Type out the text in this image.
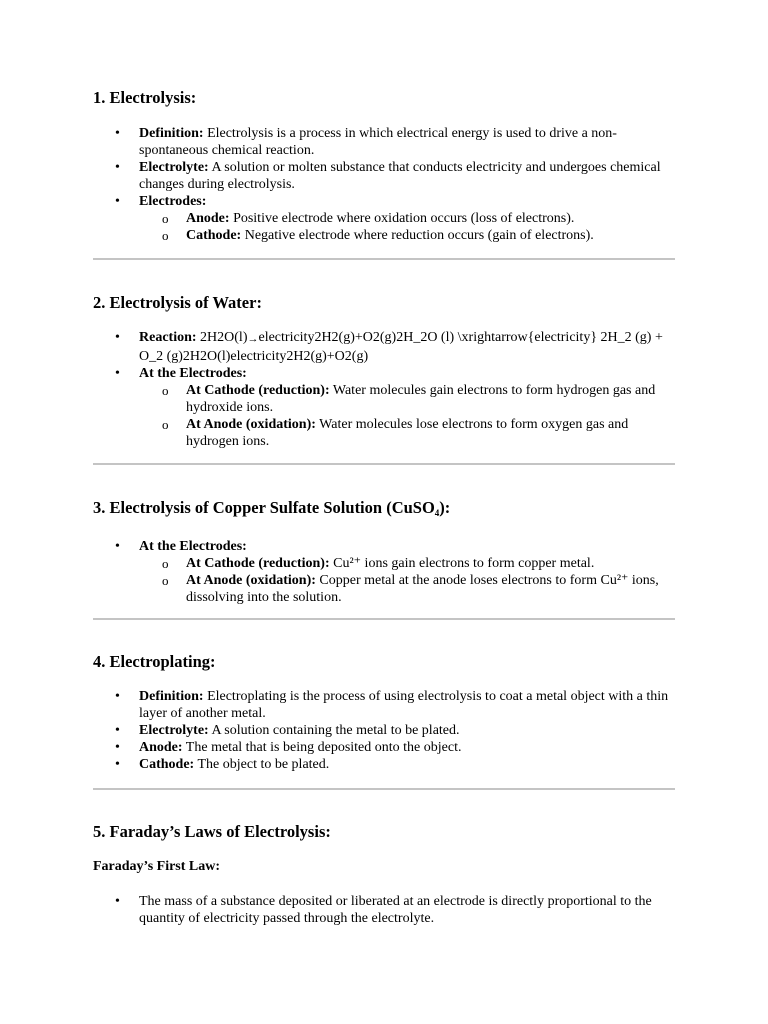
1. Electrolysis:
• Definition: Electrolysis is a process in which electrical energy is used to drive a non-spontaneous chemical reaction.
• Electrolyte: A solution or molten substance that conducts electricity and undergoes chemical changes during electrolysis.
• Electrodes:
o Anode: Positive electrode where oxidation occurs (loss of electrons).
o Cathode: Negative electrode where reduction occurs (gain of electrons).
2. Electrolysis of Water:
• Reaction: 2H2O(l)→electricity2H2(g)+O2(g)2H_2O (l) \xrightarrow{electricity} 2H_2 (g) + O_2 (g)2H2O(l)electricity2H2(g)+O2(g)
• At the Electrodes:
o At Cathode (reduction): Water molecules gain electrons to form hydrogen gas and hydroxide ions.
o At Anode (oxidation): Water molecules lose electrons to form oxygen gas and hydrogen ions.
3. Electrolysis of Copper Sulfate Solution (CuSO$_4$):
• At the Electrodes:
o At Cathode (reduction): Cu²⁺ ions gain electrons to form copper metal.
o At Anode (oxidation): Copper metal at the anode loses electrons to form Cu²⁺ ions, dissolving into the solution.
4. Electroplating:
• Definition: Electroplating is the process of using electrolysis to coat a metal object with a thin layer of another metal.
• Electrolyte: A solution containing the metal to be plated.
• Anode: The metal that is being deposited onto the object.
• Cathode: The object to be plated.
5. Faraday’s Laws of Electrolysis:
Faraday’s First Law:
• The mass of a substance deposited or liberated at an electrode is directly proportional to the quantity of electricity passed through the electrolyte.
